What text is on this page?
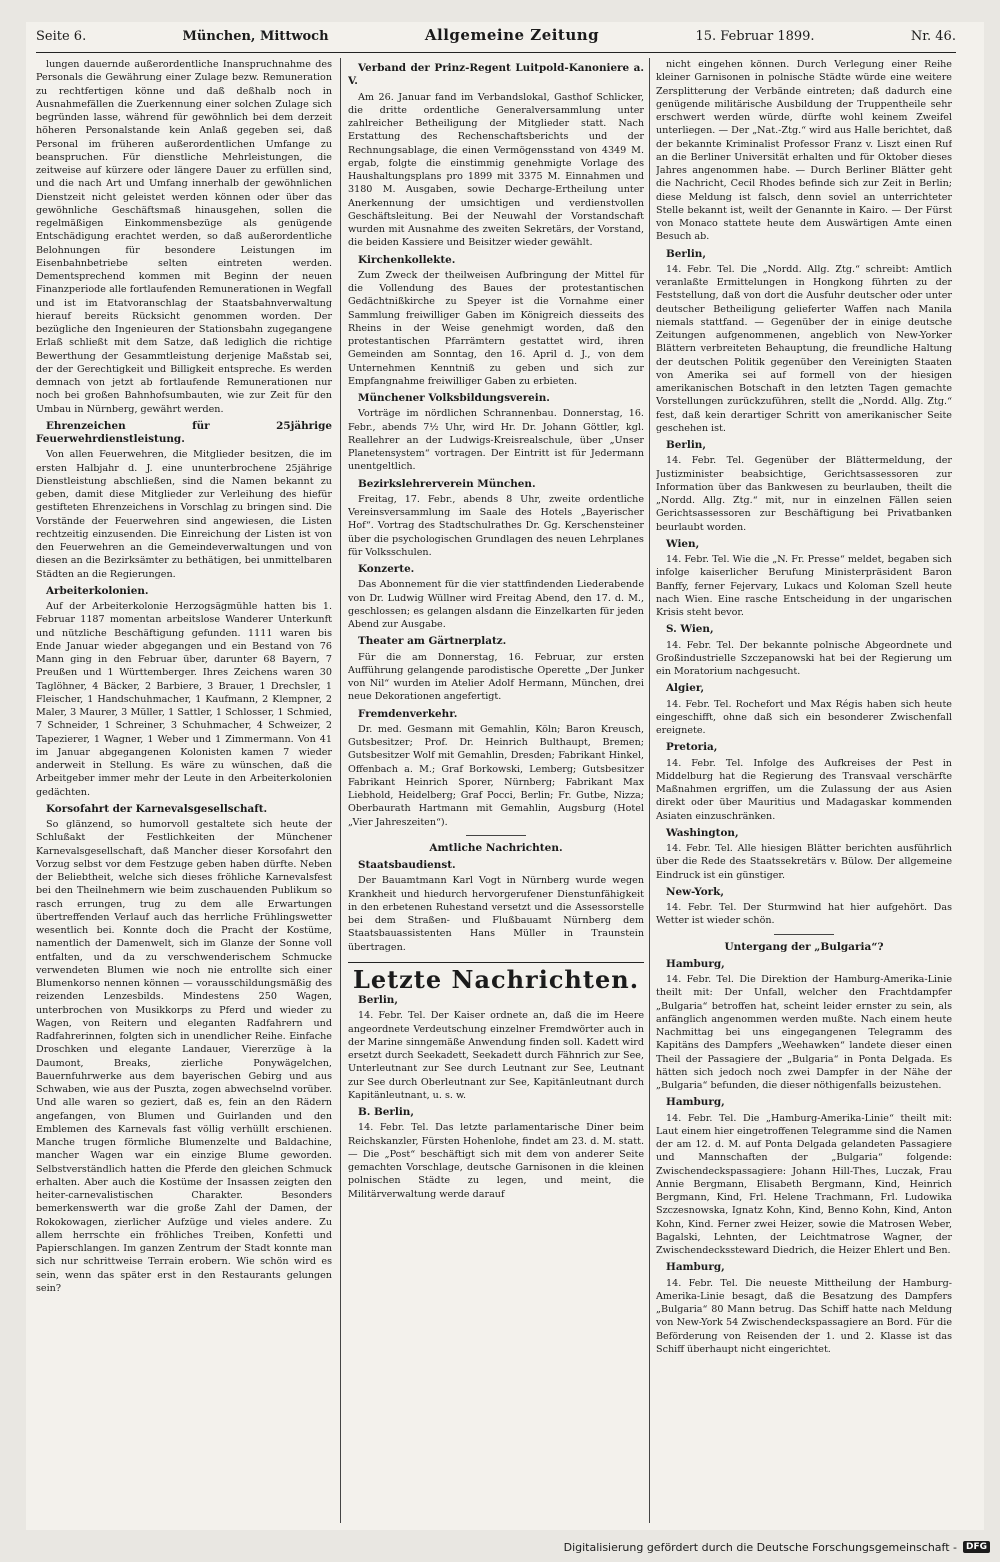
Seite 6.	München, Mittwoch	Allgemeine Zeitung	15. Februar 1899.	Nr. 46.

lungen dauernde außerordentliche Inanspruchnahme des Personals die Gewährung einer Zulage bezw. Remuneration zu rechtfertigen könne und daß deßhalb noch in Ausnahmefällen die Zuerkennung einer solchen Zulage sich begründen lasse, während für gewöhnlich bei dem derzeit höheren Personalstande kein Anlaß gegeben sei, daß Personal im früheren außerordentlichen Umfange zu beanspruchen. Für dienstliche Mehrleistungen, die zeitweise auf kürzere oder längere Dauer zu erfüllen sind, und die nach Art und Umfang innerhalb der gewöhnlichen Dienstzeit nicht geleistet werden können oder über das gewöhnliche Geschäftsmaß hinausgehen, sollen die regelmäßigen Einkommensbezüge als genügende Entschädigung erachtet werden, so daß außerordentliche Belohnungen für besondere Leistungen im Eisenbahnbetriebe selten eintreten werden. Dementsprechend kommen mit Beginn der neuen Finanzperiode alle fortlaufenden Remunerationen in Wegfall und ist im Etatvoranschlag der Staatsbahnverwaltung hierauf bereits Rücksicht genommen worden. Der bezügliche den Ingenieuren der Stationsbahn zugegangene Erlaß schließt mit dem Satze, daß lediglich die richtige Bewerthung der Gesammtleistung derjenige Maßstab sei, der der Gerechtigkeit und Billigkeit entspreche. Es werden demnach von jetzt ab fortlaufende Remunerationen nur noch bei großen Bahnhofsumbauten, wie zur Zeit für den Umbau in Nürnberg, gewährt werden.

Ehrenzeichen für 25jährige Feuerwehrdienstleistung.

Von allen Feuerwehren, die Mitglieder besitzen, die im ersten Halbjahr d. J. eine ununterbrochene 25jährige Dienstleistung abschließen, sind die Namen bekannt zu geben, damit diese Mitglieder zur Verleihung des hiefür gestifteten Ehrenzeichens in Vorschlag zu bringen sind. Die Vorstände der Feuerwehren sind angewiesen, die Listen rechtzeitig einzusenden. Die Einreichung der Listen ist von den Feuerwehren an die Gemeindeverwaltungen und von diesen an die Bezirksämter zu bethätigen, bei unmittelbaren Städten an die Regierungen.

Arbeiterkolonien.

Auf der Arbeiterkolonie Herzogsägmühle hatten bis 1. Februar 1187 momentan arbeitslose Wanderer Unterkunft und nützliche Beschäftigung gefunden. 1111 waren bis Ende Januar wieder abgegangen und ein Bestand von 76 Mann ging in den Februar über, darunter 68 Bayern, 7 Preußen und 1 Württemberger. Ihres Zeichens waren 30 Taglöhner, 4 Bäcker, 2 Barbiere, 3 Brauer, 1 Drechsler, 1 Fleischer, 1 Handschuhmacher, 1 Kaufmann, 2 Klempner, 2 Maler, 3 Maurer, 3 Müller, 1 Sattler, 1 Schlosser, 1 Schmied, 7 Schneider, 1 Schreiner, 3 Schuhmacher, 4 Schweizer, 2 Tapezierer, 1 Wagner, 1 Weber und 1 Zimmermann. Von 41 im Januar abgegangenen Kolonisten kamen 7 wieder anderweit in Stellung. Es wäre zu wünschen, daß die Arbeitgeber immer mehr der Leute in den Arbeiterkolonien gedächten.

Korsofahrt der Karnevalsgesellschaft.

So glänzend, so humorvoll gestaltete sich heute der Schlußakt der Festlichkeiten der Münchener Karnevalsgesellschaft, daß Mancher dieser Korsofahrt den Vorzug selbst vor dem Festzuge geben haben dürfte. Neben der Beliebtheit, welche sich dieses fröhliche Karnevalsfest bei den Theilnehmern wie beim zuschauenden Publikum so rasch errungen, trug zu dem alle Erwartungen übertreffenden Verlauf auch das herrliche Frühlingswetter wesentlich bei. Konnte doch die Pracht der Kostüme, namentlich der Damenwelt, sich im Glanze der Sonne voll entfalten, und da zu verschwenderischem Schmucke verwendeten Blumen wie noch nie entrollte sich einer Blumenkorso nennen können — vorausschildungsmäßig des reizenden Lenzesbilds. Mindestens 250 Wagen, unterbrochen von Musikkorps zu Pferd und wieder zu Wagen, von Reitern und eleganten Radfahrern und Radfahrerinnen, folgten sich in unendlicher Reihe. Einfache Droschken und elegante Landauer, Viererzüge à la Daumont, Breaks, zierliche Ponywägelchen, Bauernfuhrwerke aus dem bayerischen Gebirg und aus Schwaben, wie aus der Puszta, zogen abwechselnd vorüber. Und alle waren so geziert, daß es, fein an den Rädern angefangen, von Blumen und Guirlanden und den Emblemen des Karnevals fast völlig verhüllt erschienen. Manche trugen förmliche Blumenzelte und Baldachine, mancher Wagen war ein einzige Blume geworden. Selbstverständlich hatten die Pferde den gleichen Schmuck erhalten. Aber auch die Kostüme der Insassen zeigten den heiter-carnevalistischen Charakter. Besonders bemerkenswerth war die große Zahl der Damen, der Rokokowagen, zierlicher Aufzüge und vieles andere. Zu allem herrschte ein fröhliches Treiben, Konfetti und Papierschlangen. Im ganzen Zentrum der Stadt konnte man sich nur schrittweise Terrain erobern. Wie schön wird es sein, wenn das später erst in den Restaurants gelungen sein?

Verband der Prinz-Regent Luitpold-Kanoniere a. V.

Am 26. Januar fand im Verbandslokal, Gasthof Schlicker, die dritte ordentliche Generalversammlung unter zahlreicher Betheiligung der Mitglieder statt. Nach Erstattung des Rechenschaftsberichts und der Rechnungsablage, die einen Vermögensstand von 4349 M. ergab, folgte die einstimmig genehmigte Vorlage des Haushaltungsplans pro 1899 mit 3375 M. Einnahmen und 3180 M. Ausgaben, sowie Decharge-Ertheilung unter Anerkennung der umsichtigen und verdienstvollen Geschäftsleitung. Bei der Neuwahl der Vorstandschaft wurden mit Ausnahme des zweiten Sekretärs, der Vorstand, die beiden Kassiere und Beisitzer wieder gewählt.

Kirchenkollekte.

Zum Zweck der theilweisen Aufbringung der Mittel für die Vollendung des Baues der protestantischen Gedächtnißkirche zu Speyer ist die Vornahme einer Sammlung freiwilliger Gaben im Königreich diesseits des Rheins in der Weise genehmigt worden, daß den protestantischen Pfarrämtern gestattet wird, ihren Gemeinden am Sonntag, den 16. April d. J., von dem Unternehmen Kenntniß zu geben und sich zur Empfangnahme freiwilliger Gaben zu erbieten.

Münchener Volksbildungsverein.

Vorträge im nördlichen Schrannenbau. Donnerstag, 16. Febr., abends 7½ Uhr, wird Hr. Dr. Johann Göttler, kgl. Reallehrer an der Ludwigs-Kreisrealschule, über „Unser Planetensystem“ vortragen. Der Eintritt ist für Jedermann unentgeltlich.

Bezirkslehrerverein München.

Freitag, 17. Febr., abends 8 Uhr, zweite ordentliche Vereinsversammlung im Saale des Hotels „Bayerischer Hof“. Vortrag des Stadtschulrathes Dr. Gg. Kerschensteiner über die psychologischen Grundlagen des neuen Lehrplanes für Volksschulen.

Konzerte.

Das Abonnement für die vier stattfindenden Liederabende von Dr. Ludwig Wüllner wird Freitag Abend, den 17. d. M., geschlossen; es gelangen alsdann die Einzelkarten für jeden Abend zur Ausgabe.

Theater am Gärtnerplatz.

Für die am Donnerstag, 16. Februar, zur ersten Aufführung gelangende parodistische Operette „Der Junker von Nil“ wurden im Atelier Adolf Hermann, München, drei neue Dekorationen angefertigt.

Fremdenverkehr.

Dr. med. Gesmann mit Gemahlin, Köln; Baron Kreusch, Gutsbesitzer; Prof. Dr. Heinrich Bulthaupt, Bremen; Gutsbesitzer Wolf mit Gemahlin, Dresden; Fabrikant Hinkel, Offenbach a. M.; Graf Borkowski, Lemberg; Gutsbesitzer Fabrikant Heinrich Sporer, Nürnberg; Fabrikant Max Liebhold, Heidelberg; Graf Pocci, Berlin; Fr. Gutbe, Nizza; Oberbaurath Hartmann mit Gemahlin, Augsburg (Hotel „Vier Jahreszeiten“).

Amtliche Nachrichten.
Staatsbaudienst.

Der Bauamtmann Karl Vogt in Nürnberg wurde wegen Krankheit und hiedurch hervorgerufener Dienstunfähigkeit in den erbetenen Ruhestand versetzt und die Assessorstelle bei dem Straßen- und Flußbauamt Nürnberg dem Staatsbauassistenten Hans Müller in Traunstein übertragen.

Letzte Nachrichten.
Berlin,

14. Febr. Tel. Der Kaiser ordnete an, daß die im Heere angeordnete Verdeutschung einzelner Fremdwörter auch in der Marine sinngemäße Anwendung finden soll. Kadett wird ersetzt durch Seekadett, Seekadett durch Fähnrich zur See, Unterleutnant zur See durch Leutnant zur See, Leutnant zur See durch Oberleutnant zur See, Kapitänleutnant durch Kapitänleutnant, u. s. w.

B. Berlin,

14. Febr. Tel. Das letzte parlamentarische Diner beim Reichskanzler, Fürsten Hohenlohe, findet am 23. d. M. statt. — Die „Post“ beschäftigt sich mit dem von anderer Seite gemachten Vorschlage, deutsche Garnisonen in die kleinen polnischen Städte zu legen, und meint, die Militärverwaltung werde darauf

nicht eingehen können. Durch Verlegung einer Reihe kleiner Garnisonen in polnische Städte würde eine weitere Zersplitterung der Verbände eintreten; daß dadurch eine genügende militärische Ausbildung der Truppentheile sehr erschwert werden würde, dürfte wohl keinem Zweifel unterliegen. — Der „Nat.-Ztg.“ wird aus Halle berichtet, daß der bekannte Kriminalist Professor Franz v. Liszt einen Ruf an die Berliner Universität erhalten und für Oktober dieses Jahres angenommen habe. — Durch Berliner Blätter geht die Nachricht, Cecil Rhodes befinde sich zur Zeit in Berlin; diese Meldung ist falsch, denn soviel an unterrichteter Stelle bekannt ist, weilt der Genannte in Kairo. — Der Fürst von Monaco stattete heute dem Auswärtigen Amte einen Besuch ab.

Berlin,

14. Febr. Tel. Die „Nordd. Allg. Ztg.“ schreibt: Amtlich veranlaßte Ermittelungen in Hongkong führten zu der Feststellung, daß von dort die Ausfuhr deutscher oder unter deutscher Betheiligung gelieferter Waffen nach Manila niemals stattfand. — Gegenüber der in einige deutsche Zeitungen aufgenommenen, angeblich von New-Yorker Blättern verbreiteten Behauptung, die freundliche Haltung der deutschen Politik gegenüber den Vereinigten Staaten von Amerika sei auf formell von der hiesigen amerikanischen Botschaft in den letzten Tagen gemachte Vorstellungen zurückzuführen, stellt die „Nordd. Allg. Ztg.“ fest, daß kein derartiger Schritt von amerikanischer Seite geschehen ist.

Berlin,

14. Febr. Tel. Gegenüber der Blättermeldung, der Justizminister beabsichtige, Gerichtsassessoren zur Information über das Bankwesen zu beurlauben, theilt die „Nordd. Allg. Ztg.“ mit, nur in einzelnen Fällen seien Gerichtsassessoren zur Beschäftigung bei Privatbanken beurlaubt worden.

Wien,

14. Febr. Tel. Wie die „N. Fr. Presse“ meldet, begaben sich infolge kaiserlicher Berufung Ministerpräsident Baron Banffy, ferner Fejervary, Lukacs und Koloman Szell heute nach Wien. Eine rasche Entscheidung in der ungarischen Krisis steht bevor.

S. Wien,

14. Febr. Tel. Der bekannte polnische Abgeordnete und Großindustrielle Szczepanowski hat bei der Regierung um ein Moratorium nachgesucht.

Algier,

14. Febr. Tel. Rochefort und Max Régis haben sich heute eingeschifft, ohne daß sich ein besonderer Zwischenfall ereignete.

Pretoria,

14. Febr. Tel. Infolge des Aufkreises der Pest in Middelburg hat die Regierung des Transvaal verschärfte Maßnahmen ergriffen, um die Zulassung der aus Asien direkt oder über Mauritius und Madagaskar kommenden Asiaten einzuschränken.

Washington,

14. Febr. Tel. Alle hiesigen Blätter berichten ausführlich über die Rede des Staatssekretärs v. Bülow. Der allgemeine Eindruck ist ein günstiger.

New-York,

14. Febr. Tel. Der Sturmwind hat hier aufgehört. Das Wetter ist wieder schön.

Untergang der „Bulgaria“?
Hamburg,

14. Febr. Tel. Die Direktion der Hamburg-Amerika-Linie theilt mit: Der Unfall, welcher den Frachtdampfer „Bulgaria“ betroffen hat, scheint leider ernster zu sein, als anfänglich angenommen werden mußte. Nach einem heute Nachmittag bei uns eingegangenen Telegramm des Kapitäns des Dampfers „Weehawken“ landete dieser einen Theil der Passagiere der „Bulgaria“ in Ponta Delgada. Es hätten sich jedoch noch zwei Dampfer in der Nähe der „Bulgaria“ befunden, die dieser nöthigenfalls beizustehen.

Hamburg,

14. Febr. Tel. Die „Hamburg-Amerika-Linie“ theilt mit: Laut einem hier eingetroffenen Telegramme sind die Namen der am 12. d. M. auf Ponta Delgada gelandeten Passagiere und Mannschaften der „Bulgaria“ folgende: Zwischendeckspassagiere: Johann Hill-Thes, Luczak, Frau Annie Bergmann, Elisabeth Bergmann, Kind, Heinrich Bergmann, Kind, Frl. Helene Trachmann, Frl. Ludowika Szczesnowska, Ignatz Kohn, Kind, Benno Kohn, Kind, Anton Kohn, Kind. Ferner zwei Heizer, sowie die Matrosen Weber, Bagalski, Lehnten, der Leichtmatrose Wagner, der Zwischendeckssteward Diedrich, die Heizer Ehlert und Ben.

Hamburg,

14. Febr. Tel. Die neueste Mittheilung der Hamburg-Amerika-Linie besagt, daß die Besatzung des Dampfers „Bulgaria“ 80 Mann betrug. Das Schiff hatte nach Meldung von New-York 54 Zwischendeckspassagiere an Bord. Für die Beförderung von Reisenden der 1. und 2. Klasse ist das Schiff überhaupt nicht eingerichtet.

Digitalisierung gefördert durch die Deutsche Forschungsgemeinschaft -	DFG
